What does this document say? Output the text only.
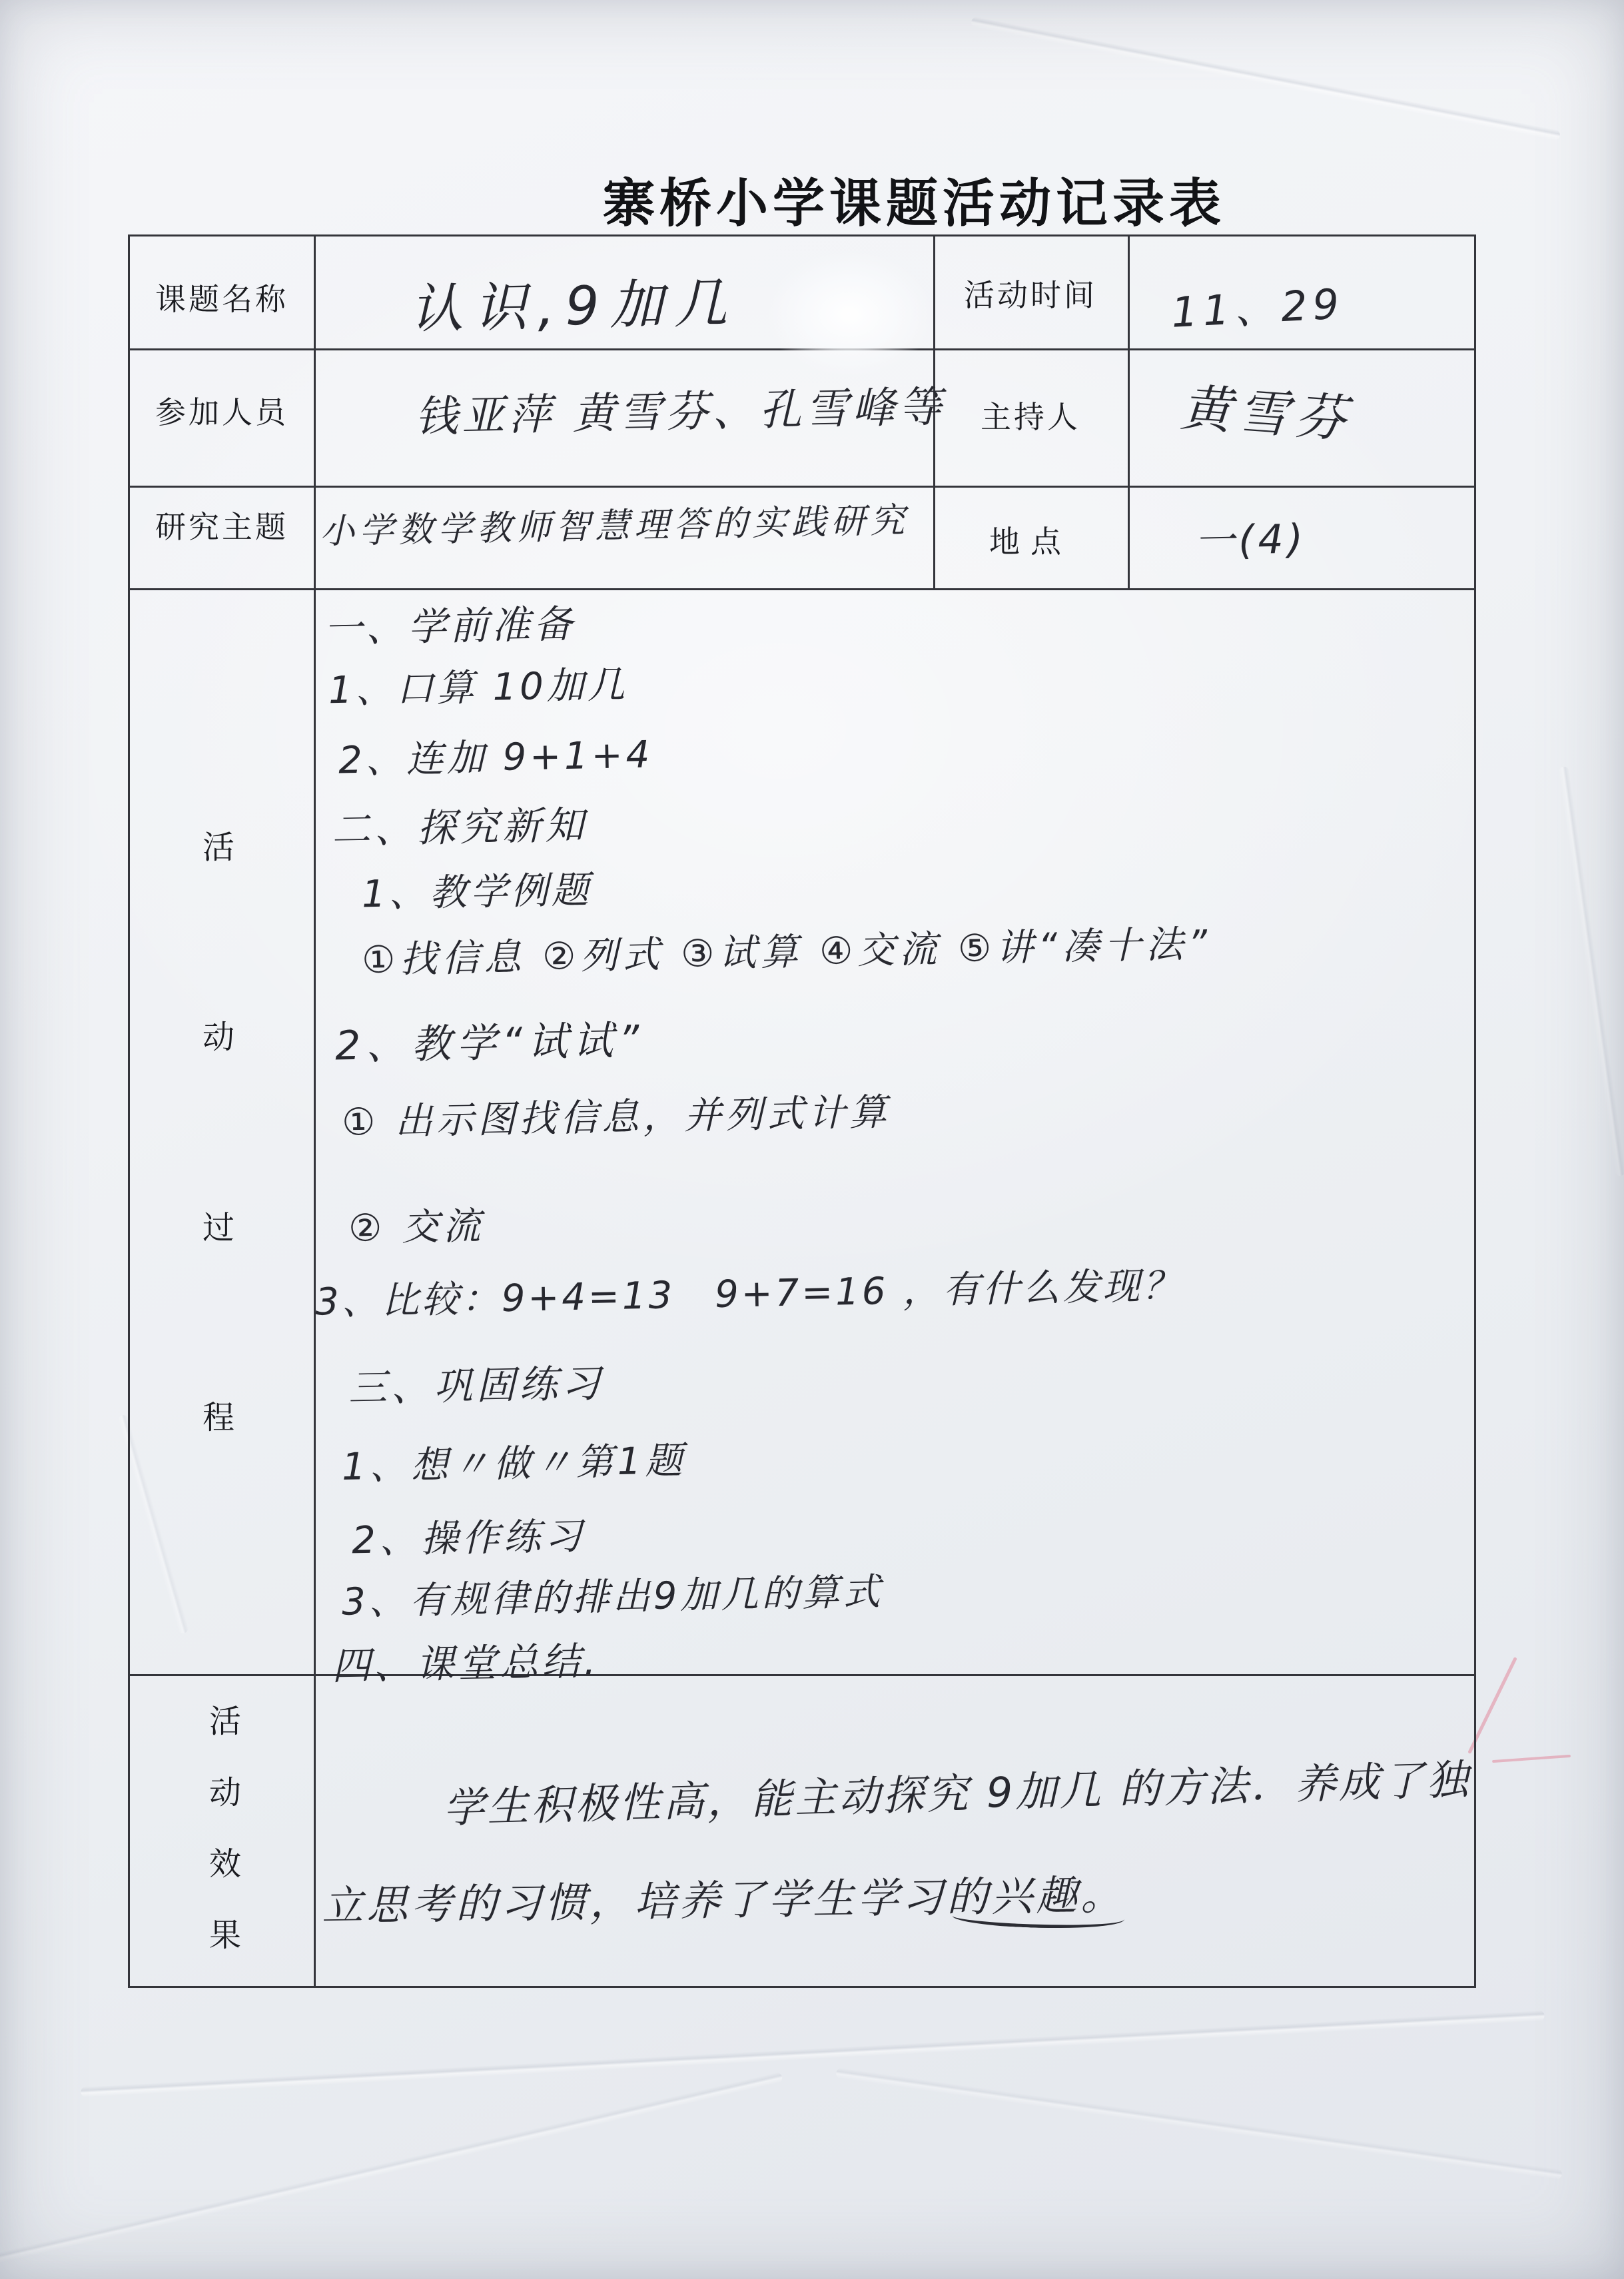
寨桥小学课题活动记录表
课题名称	认识,9加几	活动时间	11、29
参加人员	钱亚萍 黄雪芬、孔雪峰等	主持人	黄雪芬
研究主题 小学数学教师智慧理答的实践研究	地点	一(4)
活
动
过
程
一、学前准备
1、口算 10加几
2、连加 9+1+4
二、探究新知
1、教学例题
①找信息 ②列式 ③试算 ④交流 ⑤讲“凑十法”
2、教学“试试”
① 出示图找信息，并列式计算
② 交流
3、比较：9+4=13　9+7=16 ，有什么发现？
三、巩固练习
1、想〃做〃第1题
2、操作练习
3、有规律的排出9加几的算式
四、课堂总结.
活
动
效
果
学生积极性高，能主动探究 9加几 的方法．养成了独
立思考的习惯，培养了学生学习的兴趣。
